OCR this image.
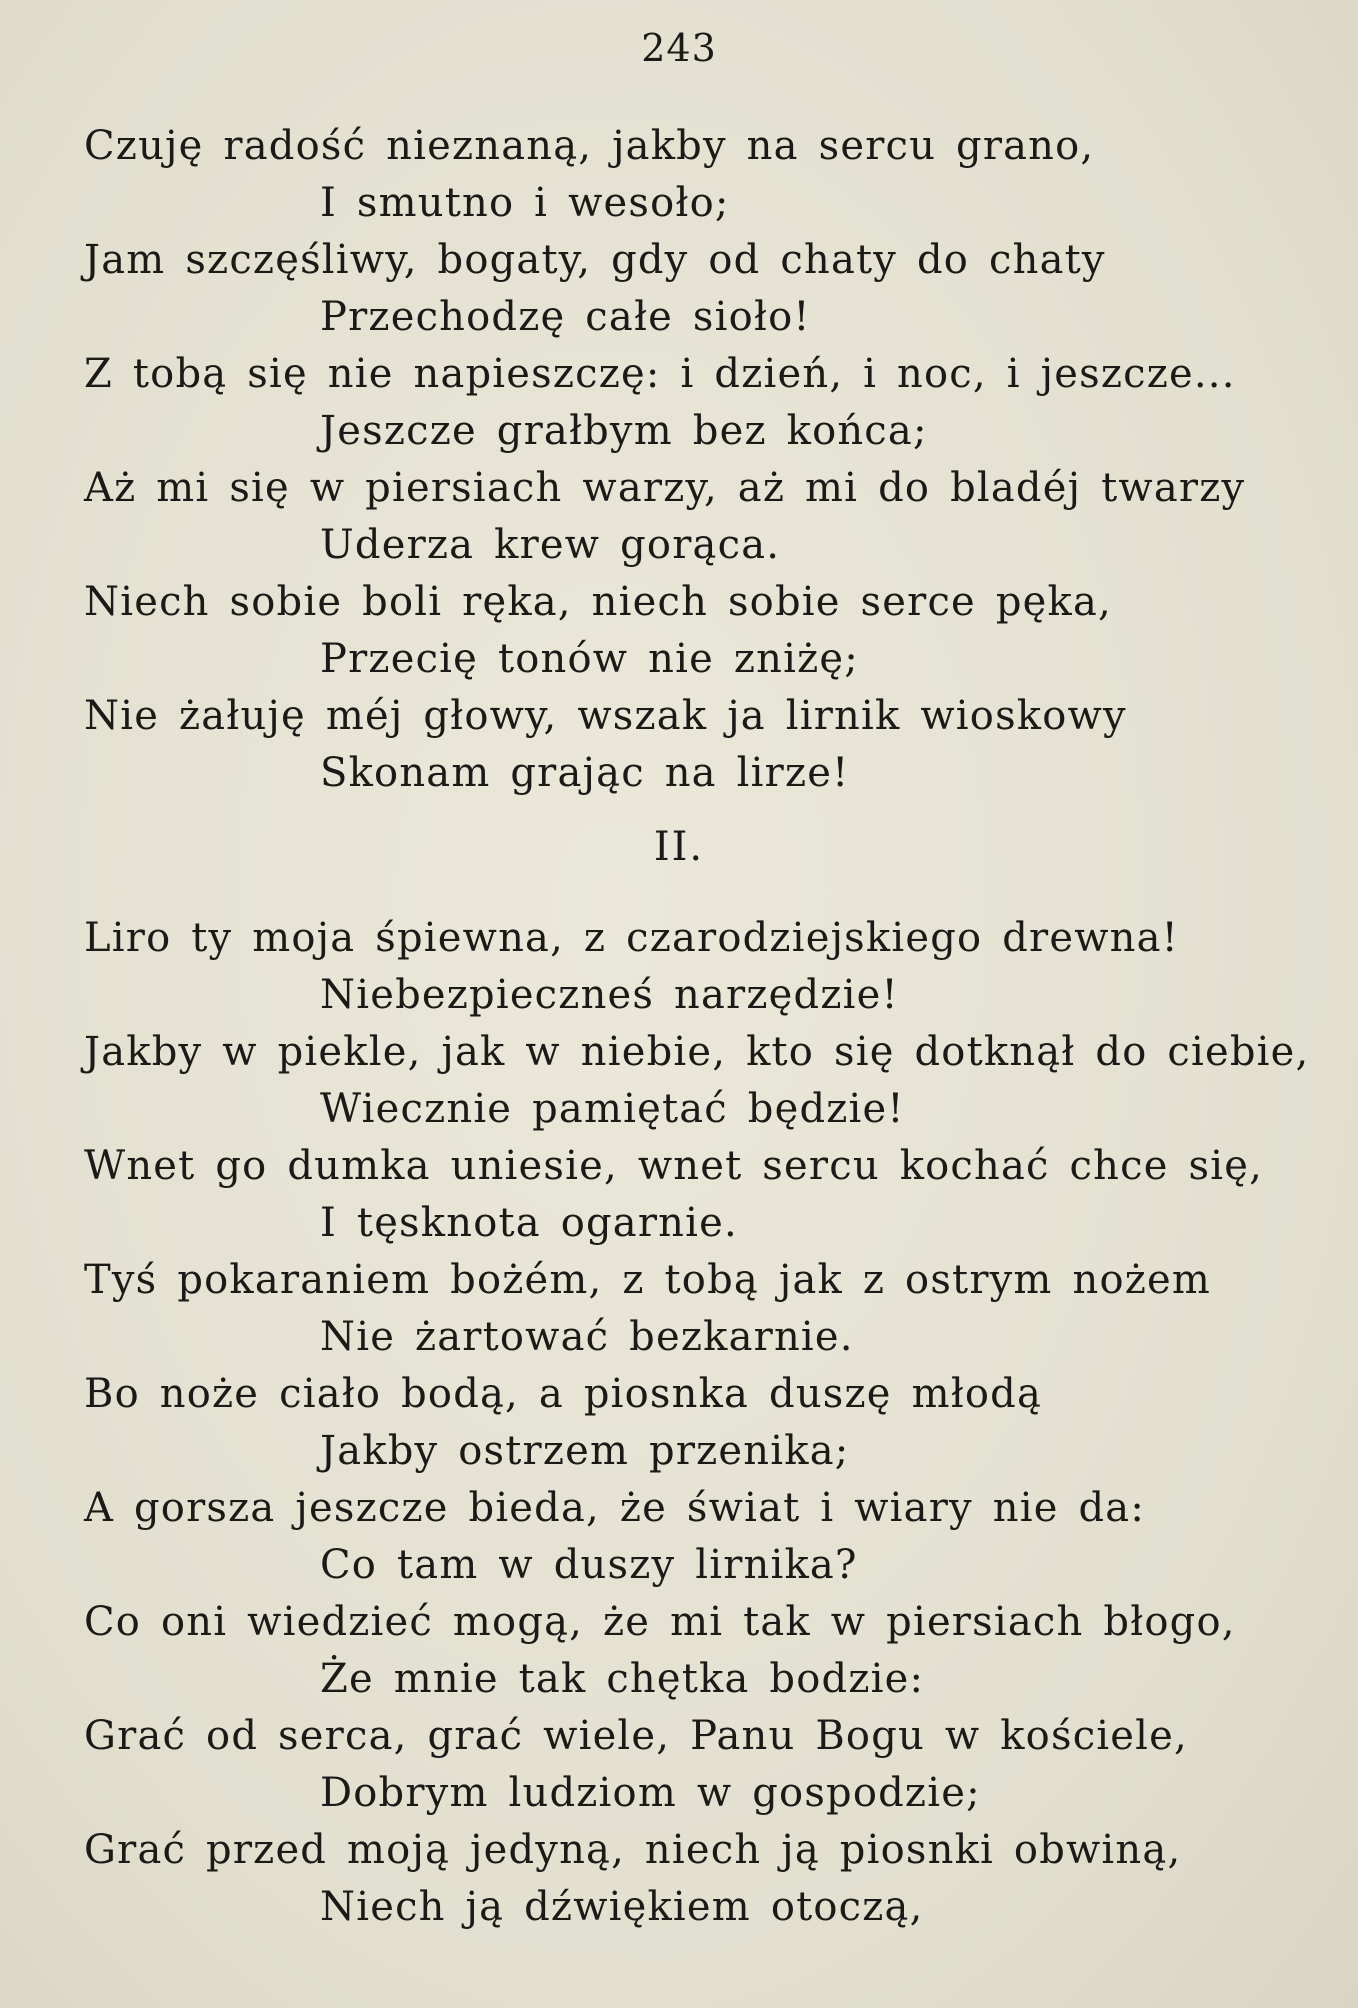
243
Czuję radość nieznaną, jakby na sercu grano,
I smutno i wesoło;
Jam szczęśliwy, bogaty, gdy od chaty do chaty
Przechodzę całe sioło!
Z tobą się nie napieszczę: i dzień, i noc, i jeszcze...
Jeszcze grałbym bez końca;
Aż mi się w piersiach warzy, aż mi do bladéj twarzy
Uderza krew gorąca.
Niech sobie boli ręka, niech sobie serce pęka,
Przecię tonów nie zniżę;
Nie żałuję méj głowy, wszak ja lirnik wioskowy
Skonam grając na lirze!
II.
Liro ty moja śpiewna, z czarodziejskiego drewna!
Niebezpiecznеś narzędzie!
Jakby w piekle, jak w niebie, kto się dotknął do ciebie,
Wiecznie pamiętać będzie!
Wnet go dumka uniesie, wnet sercu kochać chce się,
I tęsknota ogarnie.
Tyś pokaraniem bożém, z tobą jak z ostrym nożem
Nie żartować bezkarnie.
Bo noże ciało bodą, a piosnka duszę młodą
Jakby ostrzem przenika;
A gorsza jeszcze bieda, że świat i wiary nie da:
Co tam w duszy lirnika?
Co oni wiedzieć mogą, że mi tak w piersiach błogo,
Że mnie tak chętka bodzie:
Grać od serca, grać wiele, Panu Bogu w kościele,
Dobrym ludziom w gospodzie;
Grać przed moją jedyną, niech ją piosnki obwiną,
Niech ją dźwiękiem otoczą,
